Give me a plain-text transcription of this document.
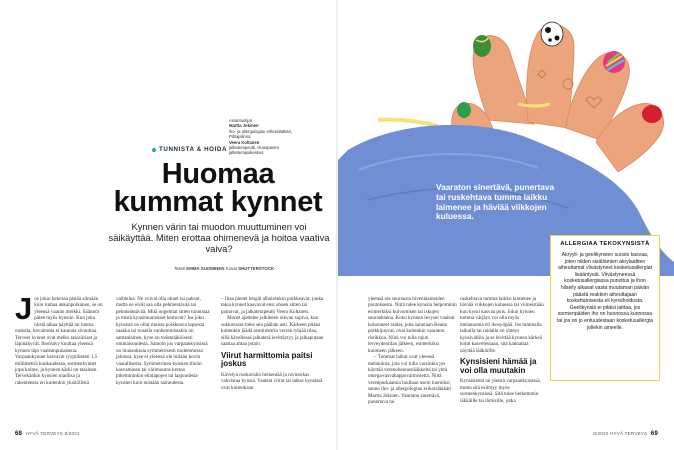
Asiantuntijat
Martta Jokinen
iho- ja allergologian erikoislääkäri, Pihlajalinna
Veera Koltanen
jalkaterapeutti, Huoaparien jalkaterapiakeskus
TUNNISTA & HOIDA
Huomaa
kummat kynnet

Kynnen värin tai muodon muuttuminen voi säikäyttää. Miten erottaa ohimenevä ja hoitoa vaativa vaiva?

Teksti EMMA SUOMINEN Kuvat SHUTTERSTOCK
J os jokin kehossa pistää silmään kuin rumaa ankanpoikanen, se on yleensä vaaran merkki. Säännöt pätee myös kynsiin. Kun joku niistä alkaa näyttää tai tuntua oudolta, huvaimma ei kannata sivuuttaa. Terveet kynnet ovat melko tasaväriset ja läpinäkyvät. Ihonsävy kuultaa yleensä kynnen läpi vaaleanpunaisena. Varpaankynnet kasvavat tyypillisesti 1,5 millimetriä kuukaudessa, sormenkynnet jopa kolme, ja kynnen kärki on tasainen. Tervekänkin kynsien maillisa ja rakenteessa on kuitenkin yksilöllistä

vaihtelua. Ne voivat olla ohuet tai paksut, mutta ne eivät saa olla pehmentävää tai pehmeäntävää. Mitä ongelmat sitten tunnistaa ja mistä kynsimuutokset kertovat? Jos joku kynsistä on ollut muista poikkeava lapsesta saakka tai toisella vanhemmistakin on samanlainen, kyse on todennäköisesti ominaisuudesta. Samoin jos varpaankynsissä on muusukssia symmetrisesti molemmissa jaloissa, kyse ei yleensä ole mitään kovin vaarallisesta. Symmetrinen kynsien tiloiin kasvaminen tai värimuutos kertoo pikemminkin elintapojen tai laajuudesta kynsien kuin mistään sairaudesta.

– Iltaa pienet lengät alhaisenkin poikkeavat, jonka takia kynnet kasvavat ensi ohuen sitten tai painuvat, ja jalkaterapeutti Veera Koltanen.

Monet ajattelee jalkineen olevan sopiva, kun sukkavaras tulee sen päähän asti. Kärkeen pitäisi kuitenkin jäädä senttimetrin verran tyhjää tilaa, sillä kävellessä jalkaterä levittäytyy ja jalkaputaan saattaa ahtaa jotain.

Viirut harmittomia paitsi joskus

Kävelyä ruokavalio heikentää ja ravintokas vahvistaa kynsiä. Vaaleat viirut tai laikut kynsissä ovat kuitenkaan

68 HYVÄ TERVEYS 8/2022

Vaaraton sinertävä, punertava tai ruskehtava tumma laikku laimenee ja häviää viikkojen kuluessa.

yleensä ole seurausta hiventäaineiden puutoksesta. Niitä tulee kynsiin helpommin esimerkiksi kuivumisen tai iskujen seurauksena. Koko kynnen levyset vaaleat kohonneet raidat, joita sanotaan Beaun poikkijuovat, ovat kuitenkin vaaraton ristikkoa. Niitä voi tulla rajun terveydentilan jälkeen, esimerkiksi kuumeen jälkeen.

– Tummat laikut ovat yleensä melaniinia, jota voi tulla varsinkin jos käyttää verenohennuslääkkeitä tai yhtä omega-rasvahappovalmistetta. Niitä verenpurkaamia luullaan usein luomiksi, sanoo iho- ja allergologian erikoislääkäri Martta Jokinen. Vaaraton sinertävä, punertava tai

ruskehtava tumma laikku laimenee ja häviää viikkojen kuluessa tai viimeistään kun kynsi kasvaa pois. Jokin kynnen tumma värjäys voi olla myös melanooma eli ihosyöpää. Jos tummalla laikulla tai raidalla on yhteys kynsivalliin ja se levittää kynnen kärkeä kohti kasvetessaan, sitä kannattaa näyttää lääkärille.

Kynsisieni hämää ja voi olla muutakin

Kynsisientä on yleistä varpaankynsissä, mutta sitä esiintyy myös sormenkynsissä. Sitä tulee herkemmin iäkkäille tai ihmisille, jotka

ALLERGIAA TEKOKYNSISTÄ
Akryyli- ja geelikynsien suosio kasvaa, joten niiden sisältämien akrylaattien aiheuttamat viivästyneet kosketusallergiat lisääntyvät. Viivästyneessä kosketusallergiassa punoitus ja ihon hilseily alkavat vasta muutaman päivän päästä reaktion aiheuttajaan koskettamisesta eli kynsihoidosta. Geelikynsiä ei pitäisi laittaa, jos sormenpäiden iho on huonossa kunnossa tai jos on jo entuudestaan kosketusallergia jollekin aineelle.
8/2022 HYVÄ TERVEYS 69
